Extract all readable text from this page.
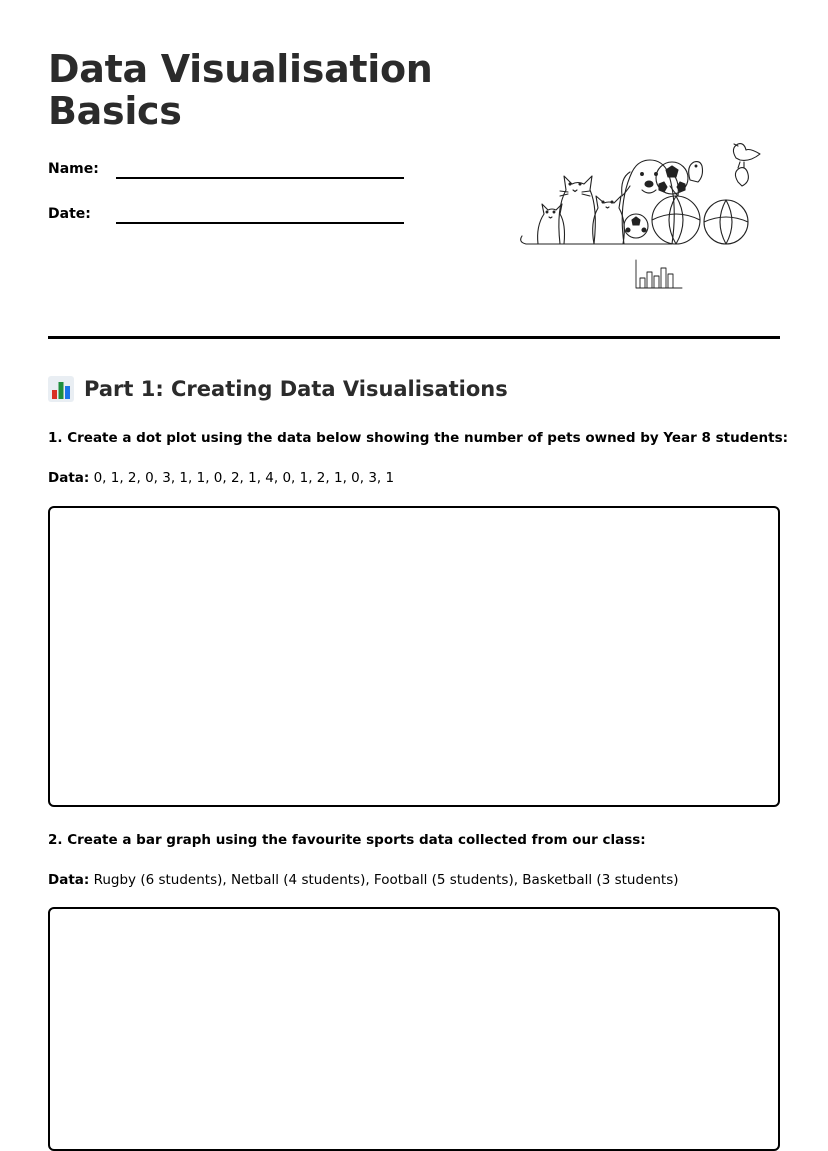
Data Visualisation
Basics
Name:
Date:
Part 1: Creating Data Visualisations
1. Create a dot plot using the data below showing the number of pets owned by Year 8 students:
Data: 0, 1, 2, 0, 3, 1, 1, 0, 2, 1, 4, 0, 1, 2, 1, 0, 3, 1
2. Create a bar graph using the favourite sports data collected from our class:
Data: Rugby (6 students), Netball (4 students), Football (5 students), Basketball (3 students)
